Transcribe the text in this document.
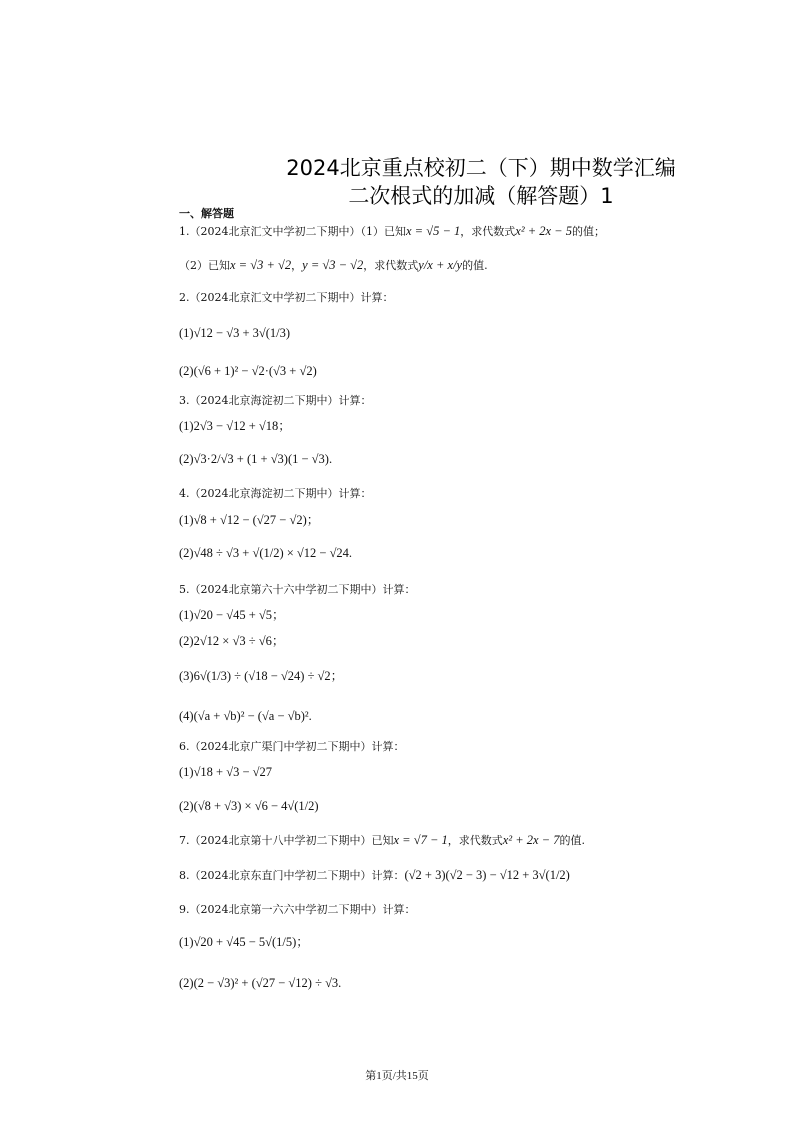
2024北京重点校初二（下）期中数学汇编
二次根式的加减（解答题）1
一、解答题
1.（2024北京汇文中学初二下期中）（1）已知x = √5 − 1，求代数式x² + 2x − 5的值；
（2）已知x = √3 + √2，y = √3 − √2，求代数式y/x + x/y的值.
2.（2024北京汇文中学初二下期中）计算：
(1)√12 − √3 + 3√(1/3)
(2)(√6 + 1)² − √2·(√3 + √2)
3.（2024北京海淀初二下期中）计算：
(1)2√3 − √12 + √18；
(2)√3·2/√3 + (1 + √3)(1 − √3).
4.（2024北京海淀初二下期中）计算：
(1)√8 + √12 − (√27 − √2)；
(2)√48 ÷ √3 + √(1/2) × √12 − √24.
5.（2024北京第六十六中学初二下期中）计算：
(1)√20 − √45 + √5；
(2)2√12 × √3 ÷ √6；
(3)6√(1/3) ÷ (√18 − √24) ÷ √2；
(4)(√a + √b)² − (√a − √b)².
6.（2024北京广渠门中学初二下期中）计算：
(1)√18 + √3 − √27
(2)(√8 + √3) × √6 − 4√(1/2)
7.（2024北京第十八中学初二下期中）已知x = √7 − 1，求代数式x² + 2x − 7的值.
8.（2024北京东直门中学初二下期中）计算：(√2 + 3)(√2 − 3) − √12 + 3√(1/2)
9.（2024北京第一六六中学初二下期中）计算：
(1)√20 + √45 − 5√(1/5)；
(2)(2 − √3)² + (√27 − √12) ÷ √3.
第1页/共15页
